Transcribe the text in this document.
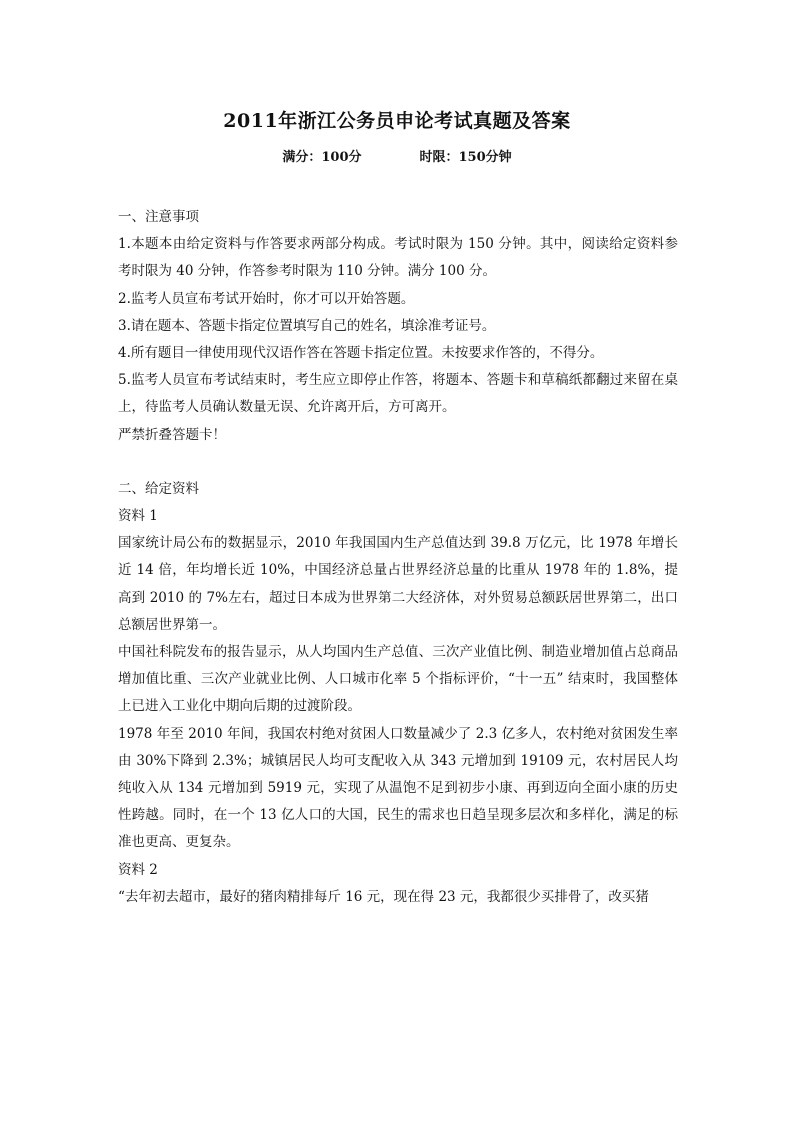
2011年浙江公务员申论考试真题及答案
满分：100分	时限：150分钟

一、注意事项

1.本题本由给定资料与作答要求两部分构成。考试时限为 150 分钟。其中，阅读给定资料参考时限为 40 分钟，作答参考时限为 110 分钟。满分 100 分。

2.监考人员宣布考试开始时，你才可以开始答题。

3.请在题本、答题卡指定位置填写自己的姓名，填涂准考证号。

4.所有题目一律使用现代汉语作答在答题卡指定位置。未按要求作答的，不得分。

5.监考人员宣布考试结束时，考生应立即停止作答，将题本、答题卡和草稿纸都翻过来留在桌上，待监考人员确认数量无误、允许离开后，方可离开。

严禁折叠答题卡！

二、给定资料

资料 1

国家统计局公布的数据显示，2010 年我国国内生产总值达到 39.8 万亿元，比 1978 年增长近 14 倍，年均增长近 10%，中国经济总量占世界经济总量的比重从 1978 年的 1.8%，提高到 2010 的 7%左右，超过日本成为世界第二大经济体，对外贸易总额跃居世界第二，出口总额居世界第一。

中国社科院发布的报告显示，从人均国内生产总值、三次产业值比例、制造业增加值占总商品增加值比重、三次产业就业比例、人口城市化率 5 个指标评价，“十一五” 结束时，我国整体上已进入工业化中期向后期的过渡阶段。

1978 年至 2010 年间，我国农村绝对贫困人口数量减少了 2.3 亿多人，农村绝对贫困发生率由 30%下降到 2.3%；城镇居民人均可支配收入从 343 元增加到 19109 元，农村居民人均纯收入从 134 元增加到 5919 元，实现了从温饱不足到初步小康、再到迈向全面小康的历史性跨越。同时，在一个 13 亿人口的大国，民生的需求也日趋呈现多层次和多样化，满足的标准也更高、更复杂。

资料 2

“去年初去超市，最好的猪肉精排每斤 16 元，现在得 23 元，我都很少买排骨了，改买猪
